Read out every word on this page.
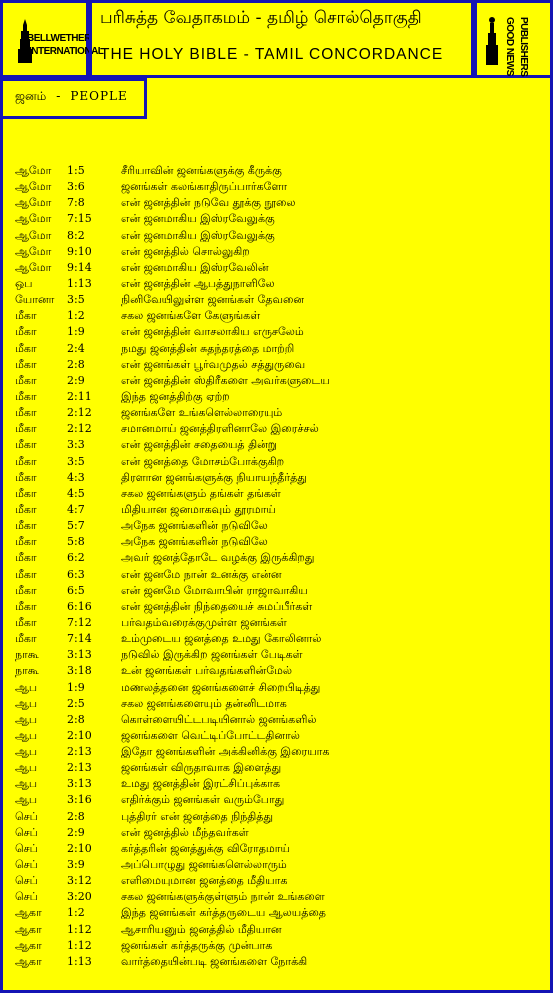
BELLWETHER
INTERNATIONAL
பரிசுத்த வேதாகமம் - தமிழ் சொல்தொகுதி
THE HOLY BIBLE - TAMIL CONCORDANCE	GOOD NEWS PUBLISHERS
ஜனம் - PEOPLE
ஆமோ 1:5	சீரியாவின் ஜனங்களுக்கு கீருக்கு
ஆமோ 3:6	ஜனங்கள் கலங்காதிருப்பார்களோ
ஆமோ 7:8	என் ஜனத்தின் நடுவே தூக்கு நூலை
ஆமோ 7:15	என் ஜனமாகிய இஸ்ரவேலுக்கு
ஆமோ 8:2	என் ஜனமாகிய இஸ்ரவேலுக்கு
ஆமோ 9:10	என் ஜனத்தில் சொல்லுகிற
ஆமோ 9:14	என் ஜனமாகிய இஸ்ரவேலின்
ஒப	1:13	என் ஜனத்தின் ஆபத்துநாளிலே
யோனா 3:5	நினிவேயிலுள்ள ஜனங்கள் தேவனை
மீகா	1:2	சகல ஜனங்களே கேளுங்கள்
மீகா	1:9	என் ஜனத்தின் வாசலாகிய எருசலேம்
மீகா	2:4	நமது ஜனத்தின் சுதந்தரத்தை மாற்றி
மீகா	2:8	என் ஜனங்கள் பூர்வமுதல் சத்துருவை
மீகா	2:9	என் ஜனத்தின் ஸ்திரீகளை அவர்களுடைய
மீகா	2:11	இந்த ஜனத்திற்கு ஏற்ற
மீகா	2:12	ஜனங்களே உங்களெல்லாரையும்
மீகா	2:12	சமானமாய் ஜனத்திரளினாலே இரைச்சல்
மீகா	3:3	என் ஜனத்தின் சதையைத் தின்று
மீகா	3:5	என் ஜனத்தை மோசம்போக்குகிற
மீகா	4:3	திரளான ஜனங்களுக்கு நியாயந்தீர்த்து
மீகா	4:5	சகல ஜனங்களும் தங்கள் தங்கள்
மீகா	4:7	மிதியான ஜனமாகவும் தூரமாய்
மீகா	5:7	அநேக ஜனங்களின் நடுவிலே
மீகா	5:8	அநேக ஜனங்களின் நடுவிலே
மீகா	6:2	அவர் ஜனத்தோடே வழக்கு இருக்கிறது
மீகா	6:3	என் ஜனமே நான் உனக்கு என்ன
மீகா	6:5	என் ஜனமே மோவாபின் ராஜாவாகிய
மீகா	6:16	என் ஜனத்தின் நிந்தையைச் சுமப்பீர்கள்
மீகா	7:12	பர்வதம்வரைக்குமுள்ள ஜனங்கள்
மீகா	7:14	உம்முடைய ஜனத்தை உமது கோலினால்
நாகூ	3:13	நடுவில் இருக்கிற ஜனங்கள் பேடிகள்
நாகூ	3:18	உன் ஜனங்கள் பர்வதங்களின்மேல்
ஆப	1:9	மணலத்தனை ஜனங்களைச் சிறைபிடித்து
ஆப	2:5	சகல ஜனங்களையும் தன்னிடமாக
ஆப	2:8	கொள்ளையிட்டபடியினால் ஜனங்களில்
ஆப	2:10	ஜனங்களை வெட்டிப்போட்டதினால்
ஆப	2:13	இதோ ஜனங்களின் அக்கினிக்கு இரையாக
ஆப	2:13	ஜனங்கள் விருதாவாக இளைத்து
ஆப	3:13	உமது ஜனத்தின் இரட்சிப்புக்காக
ஆப	3:16	எதிர்க்கும் ஜனங்கள் வரும்போது
செப்	2:8	புத்திரர் என் ஜனத்தை நிந்தித்து
செப்	2:9	என் ஜனத்தில் மீந்தவர்கள்
செப்	2:10	கர்த்தரின் ஜனத்துக்கு விரோதமாய்
செப்	3:9	அப்பொழுது ஜனங்களெல்லாரும்
செப்	3:12	எளிமையுமான ஜனத்தை மீதியாக
செப்	3:20	சகல ஜனங்களுக்குள்ளும் நான் உங்களை
ஆகா 1:2	இந்த ஜனங்கள் கர்த்தருடைய ஆலயத்தை
ஆகா 1:12	ஆசாரியனும் ஜனத்தில் மீதியான
ஆகா 1:12	ஜனங்கள் கர்த்தருக்கு முன்பாக
ஆகா 1:13	வார்த்தையின்படி ஜனங்களை நோக்கி
